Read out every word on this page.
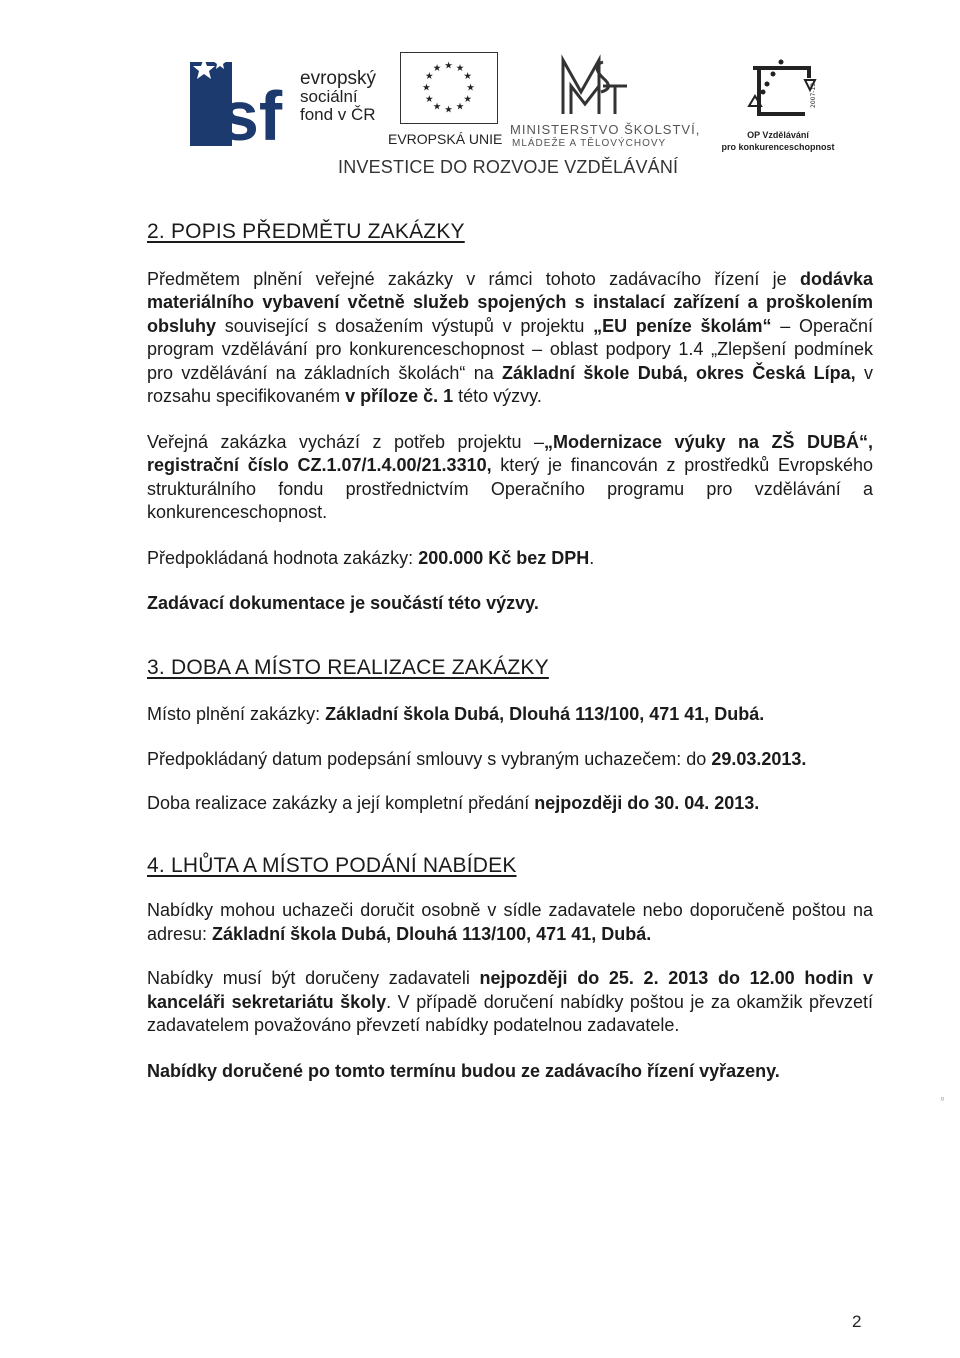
e
sf evropský
sociální
fond v ČR
★ ★
★
★
★
★
★
★
★
★
★
★
EVROPSKÁ UNIE
MINISTERSTVO ŠKOLSTVÍ,
MLÁDEŽE A TĚLOVÝCHOVY
2007-13
OP Vzdělávání
pro konkurenceschopnost
INVESTICE DO ROZVOJE VZDĚLÁVÁNÍ
2. POPIS PŘEDMĚTU ZAKÁZKY

Předmětem plnění veřejné zakázky v rámci tohoto zadávacího řízení je dodávka materiálního vybavení včetně služeb spojených s instalací zařízení a proškolením obsluhy související s dosažením výstupů v projektu „EU peníze školám“ – Operační program vzdělávání pro konkurenceschopnost – oblast podpory 1.4 „Zlepšení podmínek pro vzdělávání na základních školách“ na Základní škole Dubá, okres Česká Lípa, v rozsahu specifikovaném v příloze č. 1 této výzvy.

Veřejná zakázka vychází z potřeb projektu –„Modernizace výuky na ZŠ DUBÁ“, registrační číslo CZ.1.07/1.4.00/21.3310, který je financován z prostředků Evropského strukturálního fondu prostřednictvím Operačního programu pro vzdělávání a konkurenceschopnost.

Předpokládaná hodnota zakázky: 200.000 Kč bez DPH.

Zadávací dokumentace je součástí této výzvy.

3. DOBA A MÍSTO REALIZACE ZAKÁZKY

Místo plnění zakázky: Základní škola Dubá, Dlouhá 113/100, 471 41, Dubá.

Předpokládaný datum podepsání smlouvy s vybraným uchazečem: do 29.03.2013.

Doba realizace zakázky a její kompletní předání nejpozději do 30. 04. 2013.

4. LHŮTA A MÍSTO PODÁNÍ NABÍDEK

Nabídky mohou uchazeči doručit osobně v sídle zadavatele nebo doporučeně poštou na adresu: Základní škola Dubá, Dlouhá 113/100, 471 41, Dubá.

Nabídky musí být doručeny zadavateli nejpozději do 25. 2. 2013 do 12.00 hodin v kanceláři sekretariátu školy. V případě doručení nabídky poštou je za okamžik převzetí zadavatelem považováno převzetí nabídky podatelnou zadavatele.

Nabídky doručené po tomto termínu budou ze zadávacího řízení vyřazeny.

◦
2
